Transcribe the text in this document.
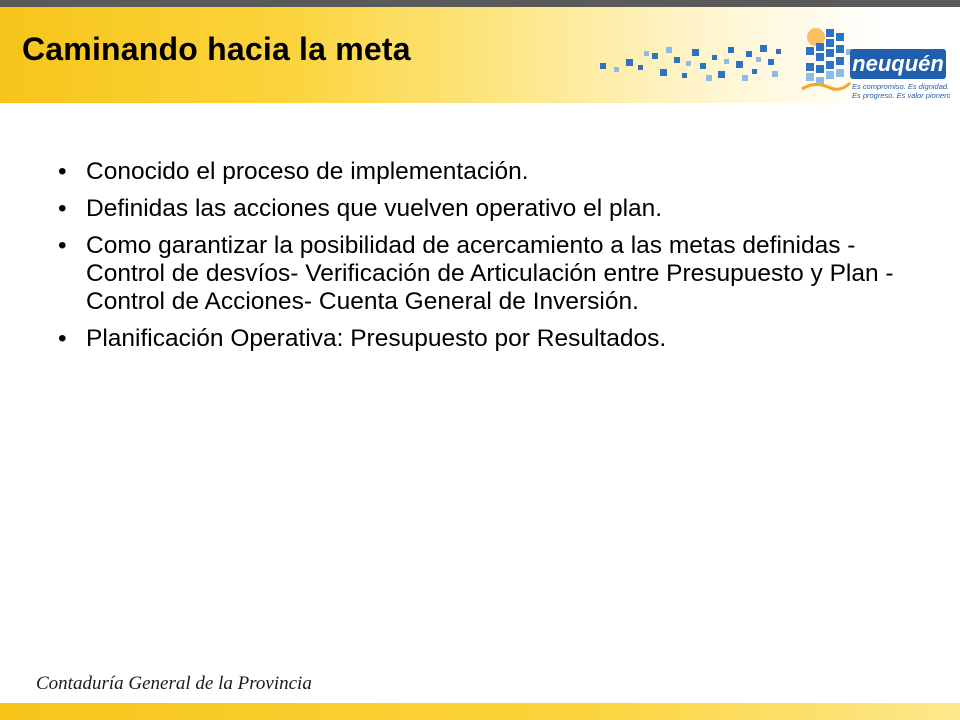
Caminando hacia la meta	neuquén
Es compromiso. Es dignidad.
Es progreso. Es valor pionero.
• Conocido el proceso de implementación.
• Definidas las acciones que vuelven operativo el plan.
• Como garantizar la posibilidad de acercamiento a las metas definidas -Control de desvíos- Verificación de Articulación entre Presupuesto y Plan -Control de Acciones- Cuenta General de Inversión.
• Planificación Operativa: Presupuesto por Resultados.
Contaduría General de la Provincia
